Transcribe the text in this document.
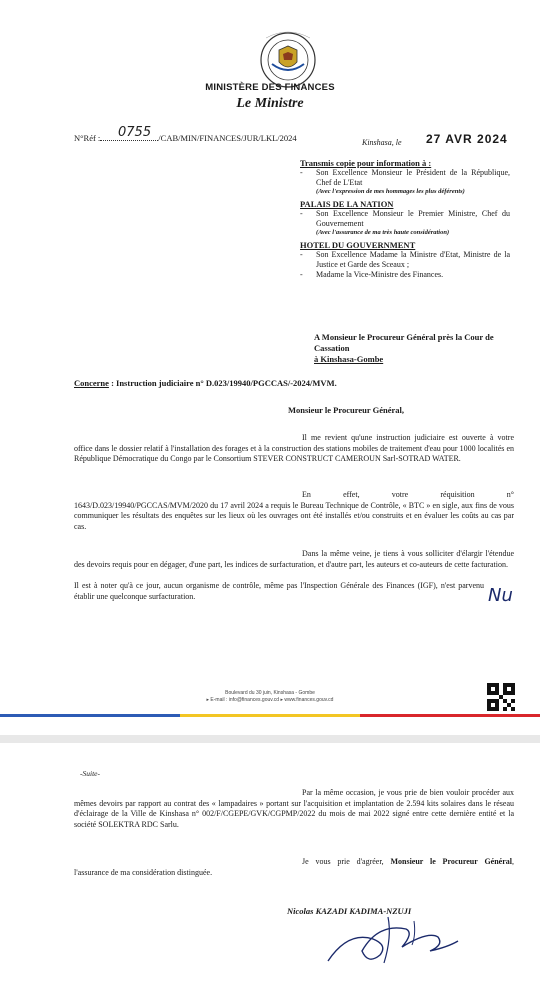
MINISTÈRE DES FINANCES
Le Ministre
N°Réf :	/CAB/MIN/FINANCES/JUR/LKL/2024
0755
Kinshasa, le 27 AVR 2024
Transmis copie pour information à :
- Son Excellence Monsieur le Président de la République, Chef de L'Etat
(Avec l'expression de mes hommages les plus déférents)
PALAIS DE LA NATION
- Son Excellence Monsieur le Premier Ministre, Chef du Gouvernement
(Avec l'assurance de ma très haute considération)
HOTEL DU GOUVERNMENT
- Son Excellence Madame la Ministre d'Etat, Ministre de la Justice et Garde des Sceaux ;
- Madame la Vice-Ministre des Finances.
A Monsieur le Procureur Général près la Cour de Cassation
à Kinshasa-Gombe
Concerne : Instruction judiciaire n° D.023/19940/PGCCAS/-2024/MVM.
Monsieur le Procureur Général,
Il me revient qu'une instruction judiciaire est ouverte à votre office dans le dossier relatif à l'installation des forages et à la construction des stations mobiles de traitement d'eau pour 1000 localités en République Démocratique du Congo par le Consortium STEVER CONSTRUCT CAMEROUN Sarl-SOTRAD WATER.
En effet, votre réquisition n° 1643/D.023/19940/PGCCAS/MVM/2020 du 17 avril 2024 a requis le Bureau Technique de Contrôle, « BTC » en sigle, aux fins de vous communiquer les résultats des enquêtes sur les lieux où les ouvrages ont été installés et/ou construits et en évaluer les coûts au cas par cas.
Dans la même veine, je tiens à vous solliciter d'élargir l'étendue des devoirs requis pour en dégager, d'une part, les indices de surfacturation, et d'autre part, les auteurs et co-auteurs de cette facturation.
Il est à noter qu'à ce jour, aucun organisme de contrôle, même pas l'Inspection Générale des Finances (IGF), n'est parvenu établir une quelconque surfacturation.	Nu
Boulevard du 30 juin, Kinshasa - Gombe
▸ E-mail : info@finances.gouv.cd ▸ www.finances.gouv.cd
-Suite-
Par la même occasion, je vous prie de bien vouloir procéder aux mêmes devoirs par rapport au contrat des « lampadaires » portant sur l'acquisition et implantation de 2.594 kits solaires dans le réseau d'éclairage de la Ville de Kinshasa n° 002/F/CGEPE/GVK/CGPMP/2022 du mois de mai 2022 signé entre cette dernière entité et la société SOLEKTRA RDC Sarlu.
Je vous prie d'agréer, Monsieur le Procureur Général, l'assurance de ma considération distinguée.
Nicolas KAZADI KADIMA-NZUJI
